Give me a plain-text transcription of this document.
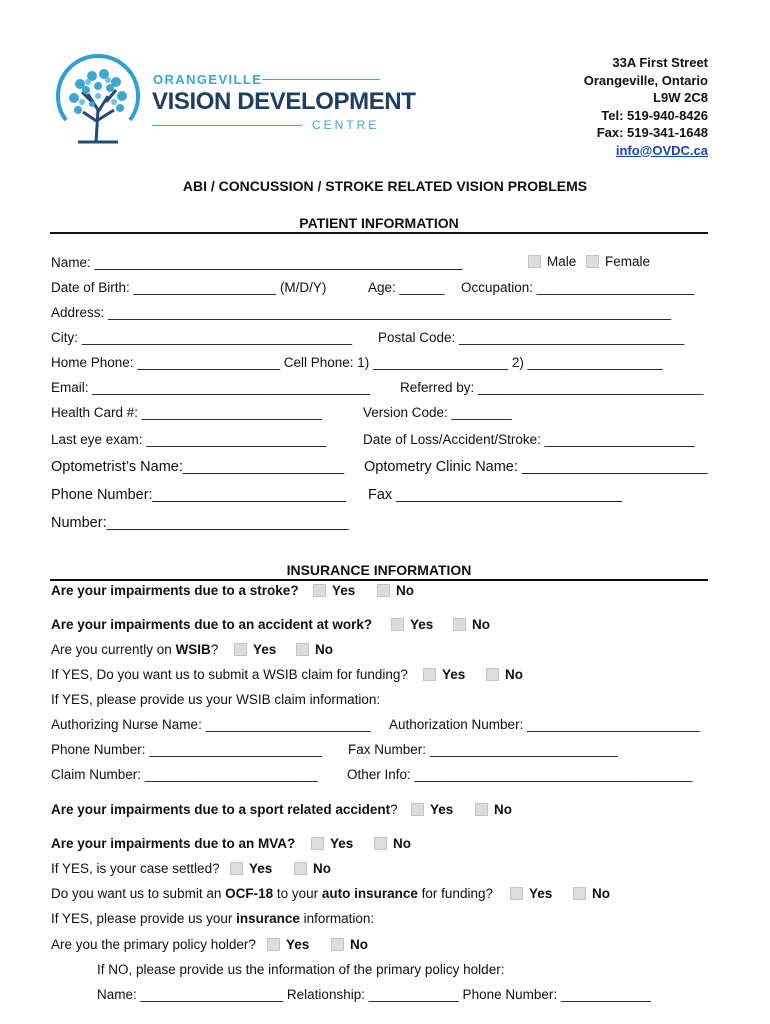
ORANGEVILLE
VISION DEVELOPMENT
CENTRE
33A First Street
Orangeville, Ontario
L9W 2C8
Tel: 519-940-8426
Fax: 519-341-1648
info@OVDC.ca
ABI / CONCUSSION / STROKE RELATED VISION PROBLEMS
PATIENT INFORMATION
Name: _________________________________________________	Male	Female
Date of Birth: ___________________ (M/D/Y)	Age: ______ Occupation: _____________________
Address: ___________________________________________________________________________
City: ____________________________________ Postal Code: ______________________________
Home Phone: ___________________ Cell Phone: 1) __________________ 2) __________________
Email: _____________________________________ Referred by: ______________________________
Health Card #: ________________________	Version Code: ________
Last eye exam: ________________________	Date of Loss/Accident/Stroke: ____________________
Optometrist’s Name:____________________ Optometry Clinic Name: _______________________
Phone Number:________________________ Fax ____________________________
Number:______________________________
INSURANCE INFORMATION
Are your impairments due to a stroke?	Yes	No
Are your impairments due to an accident at work?	Yes	No
Are you currently on WSIB?	Yes	No
If YES, Do you want us to submit a WSIB claim for funding?	Yes	No
If YES, please provide us your WSIB claim information:
Authorizing Nurse Name: ______________________ Authorization Number: _______________________
Phone Number: _______________________ Fax Number: _________________________
Claim Number: _______________________ Other Info: _____________________________________
Are your impairments due to a sport related accident?	Yes	No
Are your impairments due to an MVA?	Yes	No
If YES, is your case settled?	Yes	No
Do you want us to submit an OCF-18 to your auto insurance for funding?	Yes	No
If YES, please provide us your insurance information:
Are you the primary policy holder?	Yes	No
If NO, please provide us the information of the primary policy holder:
Name: ___________________ Relationship: ____________ Phone Number: ____________
